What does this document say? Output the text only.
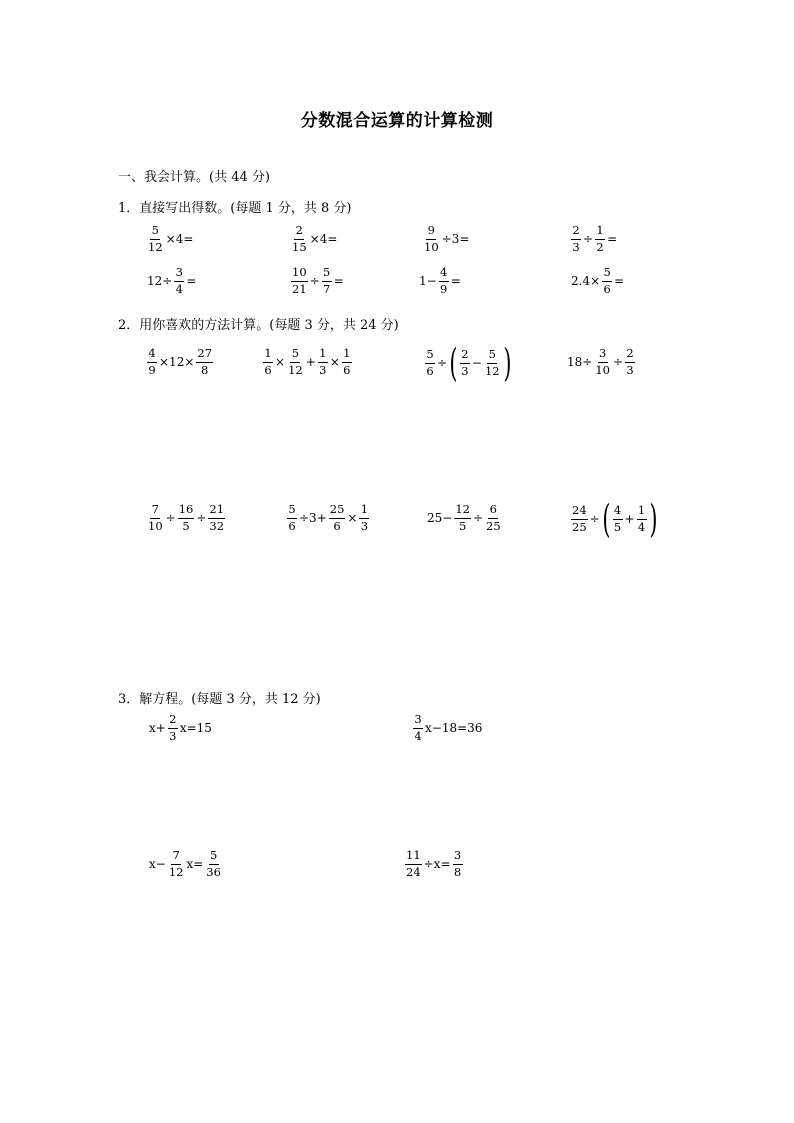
分数混合运算的计算检测
一、我会计算。(共 44 分)
1．直接写出得数。(每题 1 分，共 8 分)
$\frac{5}{12} \times 4=$	$\frac{2}{15} \times 4=$	$\frac{9}{10} \div 3=$	$\frac{2}{3} \div \frac{1}{2}$ =
$12\div \frac{3}{4}$ =	$\frac{10}{21} \div \frac{5}{7}$ =	$1- \frac{4}{9}$ =	$2.4\times \frac{5}{6}$ =
2．用你喜欢的方法计算。(每题 3 分，共 24 分)
$\frac{4}{9} \times 12\times \frac{27}{8}$	$\frac{1}{6} \times \frac{5}{12} + \frac{1}{3} \times \frac{1}{6}$	$\frac{5}{6}$ ÷ ( $\frac{2}{3} - \frac{5}{12}$ )	$18\div \frac{3}{10} \div \frac{2}{3}$
$\frac{7}{10} \div \frac{16}{5} \div \frac{21}{32}$	$\frac{5}{6} \div 3+ \frac{25}{6} \times \frac{1}{3}$	$25- \frac{12}{5} \div \frac{6}{25}$	$\frac{24}{25}$ ÷ ( $\frac{4}{5} + \frac{1}{4}$ )
3．解方程。(每题 3 分，共 12 分)
$x+ \frac{2}{3} x=15$	$\frac{3}{4} x-18=36$
$x- \frac{7}{12} x= \frac{5}{36}$	$\frac{11}{24} \div x= \frac{3}{8}$
